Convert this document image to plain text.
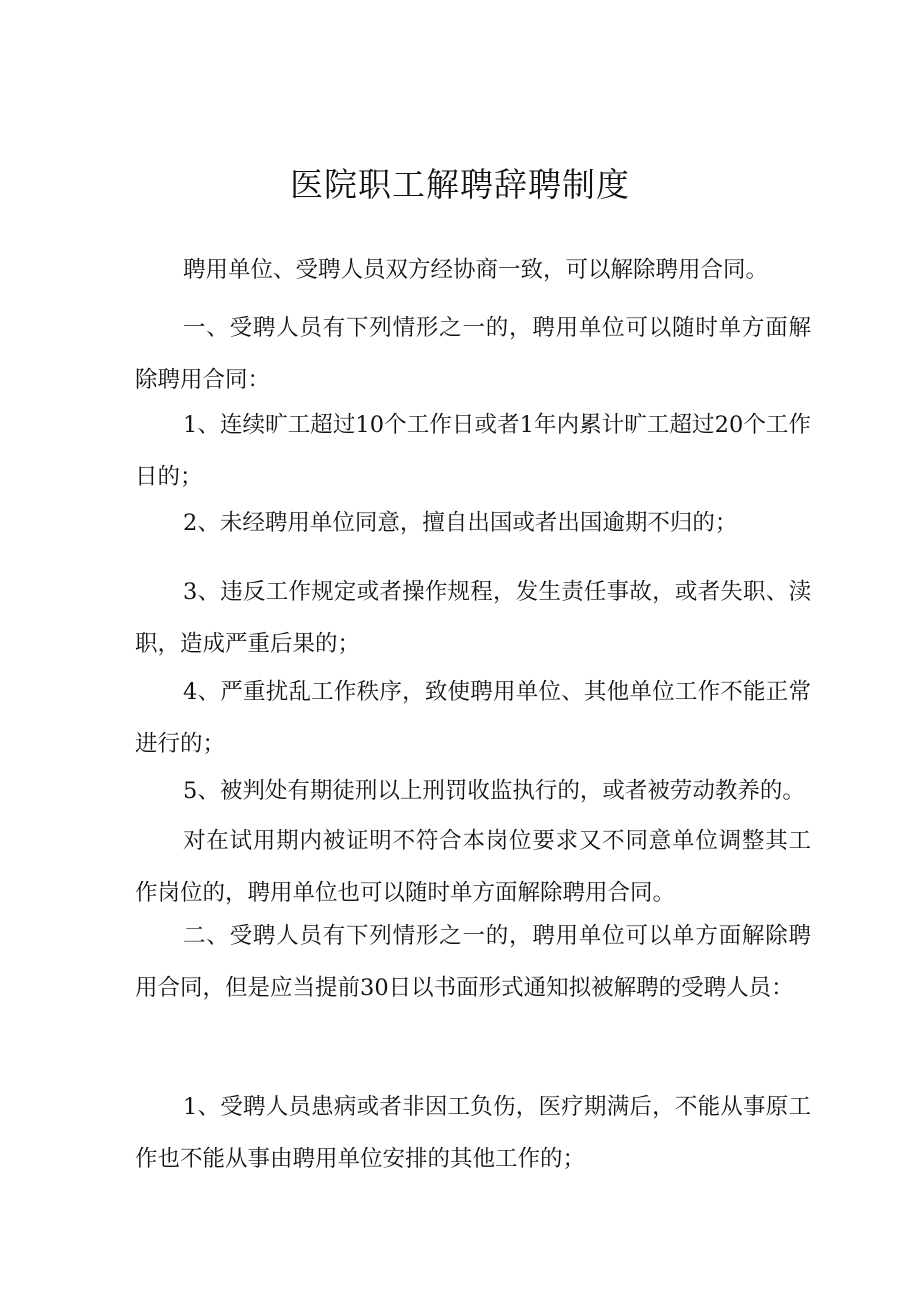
医院职工解聘辞聘制度

聘用单位、受聘人员双方经协商一致，可以解除聘用合同。

一、受聘人员有下列情形之一的，聘用单位可以随时单方面解除聘用合同：

1、连续旷工超过10个工作日或者1年内累计旷工超过20个工作日的；

2、未经聘用单位同意，擅自出国或者出国逾期不归的；

3、违反工作规定或者操作规程，发生责任事故，或者失职、渎职，造成严重后果的；

4、严重扰乱工作秩序，致使聘用单位、其他单位工作不能正常进行的；

5、被判处有期徒刑以上刑罚收监执行的，或者被劳动教养的。

对在试用期内被证明不符合本岗位要求又不同意单位调整其工作岗位的，聘用单位也可以随时单方面解除聘用合同。

二、受聘人员有下列情形之一的，聘用单位可以单方面解除聘用合同，但是应当提前30日以书面形式通知拟被解聘的受聘人员：

1、受聘人员患病或者非因工负伤，医疗期满后，不能从事原工作也不能从事由聘用单位安排的其他工作的；
